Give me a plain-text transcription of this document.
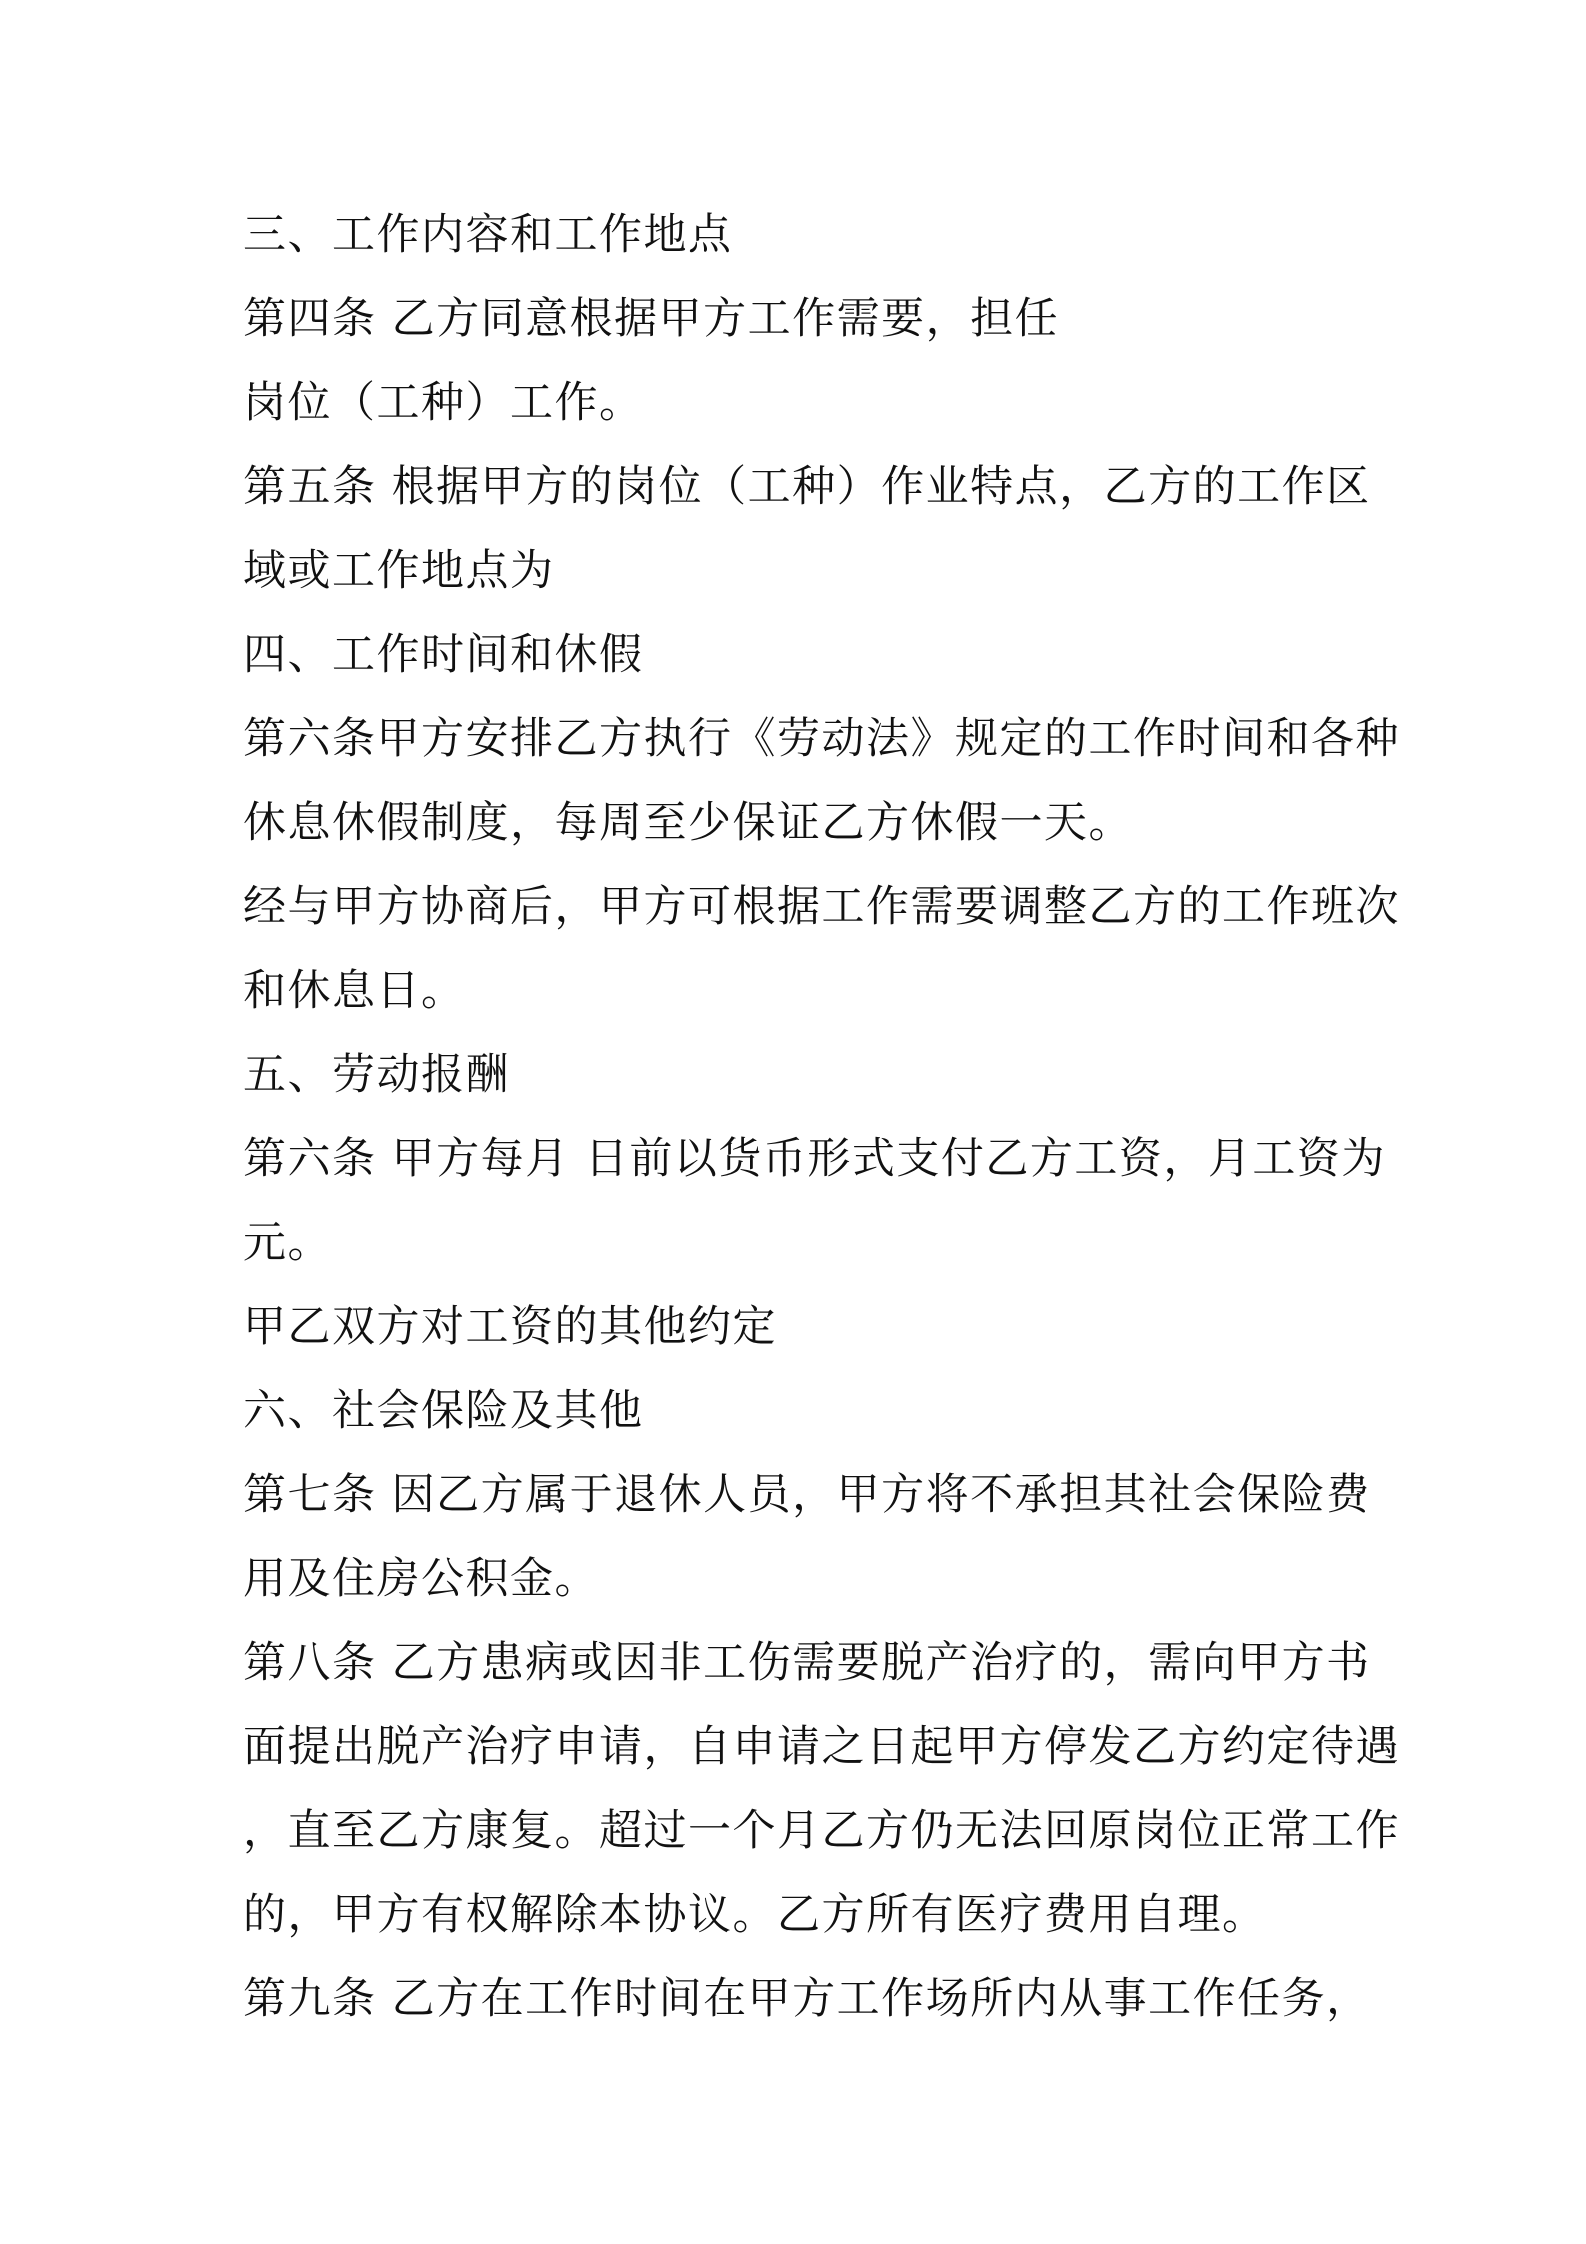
三、工作内容和工作地点
第四条 乙方同意根据甲方工作需要，担任
岗位（工种）工作。
第五条 根据甲方的岗位（工种）作业特点，乙方的工作区
域或工作地点为
四、工作时间和休假
第六条甲方安排乙方执行《劳动法》规定的工作时间和各种
休息休假制度，每周至少保证乙方休假一天。
经与甲方协商后，甲方可根据工作需要调整乙方的工作班次
和休息日。
五、劳动报酬
第六条 甲方每月 日前以货币形式支付乙方工资，月工资为
元。
甲乙双方对工资的其他约定
六、社会保险及其他
第七条 因乙方属于退休人员，甲方将不承担其社会保险费
用及住房公积金。
第八条 乙方患病或因非工伤需要脱产治疗的，需向甲方书
面提出脱产治疗申请，自申请之日起甲方停发乙方约定待遇
，直至乙方康复。超过一个月乙方仍无法回原岗位正常工作
的，甲方有权解除本协议。乙方所有医疗费用自理。
第九条 乙方在工作时间在甲方工作场所内从事工作任务，
